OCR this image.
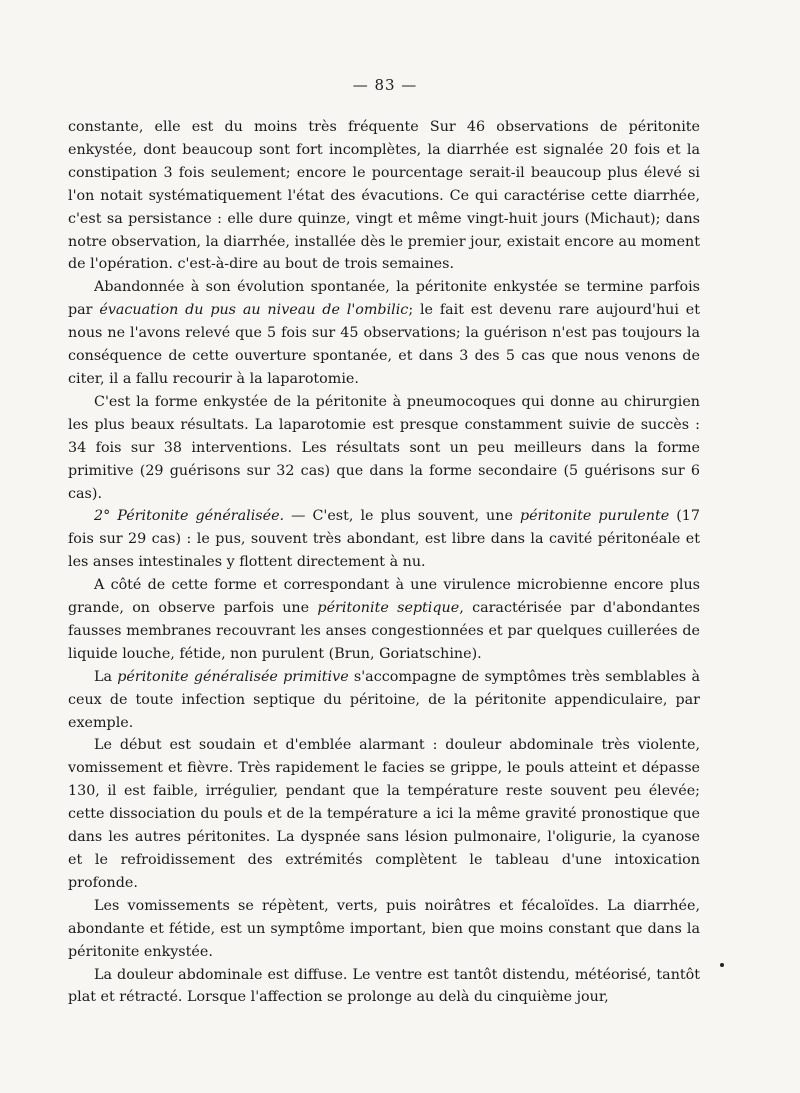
— 83 —

constante, elle est du moins très fréquente Sur 46 observations de péritonite enkystée, dont beaucoup sont fort incomplètes, la diarrhée est signalée 20 fois et la constipation 3 fois seulement; encore le pourcentage serait-il beaucoup plus élevé si l'on notait systématiquement l'état des évacutions. Ce qui caractérise cette diarrhée, c'est sa persistance : elle dure quinze, vingt et même vingt-huit jours (Michaut); dans notre observation, la diarrhée, installée dès le premier jour, existait encore au moment de l'opération. c'est-à-dire au bout de trois semaines.

Abandonnée à son évolution spontanée, la péritonite enkystée se termine parfois par évacuation du pus au niveau de l'ombilic; le fait est devenu rare aujourd'hui et nous ne l'avons relevé que 5 fois sur 45 observations; la guérison n'est pas toujours la conséquence de cette ouverture spontanée, et dans 3 des 5 cas que nous venons de citer, il a fallu recourir à la laparotomie.

C'est la forme enkystée de la péritonite à pneumocoques qui donne au chirurgien les plus beaux résultats. La laparotomie est presque constamment suivie de succès : 34 fois sur 38 interventions. Les résultats sont un peu meilleurs dans la forme primitive (29 guérisons sur 32 cas) que dans la forme secondaire (5 guérisons sur 6 cas).

2° Péritonite généralisée. — C'est, le plus souvent, une péritonite purulente (17 fois sur 29 cas) : le pus, souvent très abondant, est libre dans la cavité péritonéale et les anses intestinales y flottent directement à nu.

A côté de cette forme et correspondant à une virulence microbienne encore plus grande, on observe parfois une péritonite septique, caractérisée par d'abondantes fausses membranes recouvrant les anses congestionnées et par quelques cuillerées de liquide louche, fétide, non purulent (Brun, Goriatschine).

La péritonite généralisée primitive s'accompagne de symptômes très semblables à ceux de toute infection septique du péritoine, de la péritonite appendiculaire, par exemple.

Le début est soudain et d'emblée alarmant : douleur abdominale très violente, vomissement et fièvre. Très rapidement le facies se grippe, le pouls atteint et dépasse 130, il est faible, irrégulier, pendant que la température reste souvent peu élevée; cette dissociation du pouls et de la température a ici la même gravité pronostique que dans les autres péritonites. La dyspnée sans lésion pulmonaire, l'oligurie, la cyanose et le refroidissement des extrémités complètent le tableau d'une intoxication profonde.

Les vomissements se répètent, verts, puis noirâtres et fécaloïdes. La diarrhée, abondante et fétide, est un symptôme important, bien que moins constant que dans la péritonite enkystée.

La douleur abdominale est diffuse. Le ventre est tantôt distendu, météorisé, tantôt plat et rétracté. Lorsque l'affection se prolonge au delà du cinquième jour,
